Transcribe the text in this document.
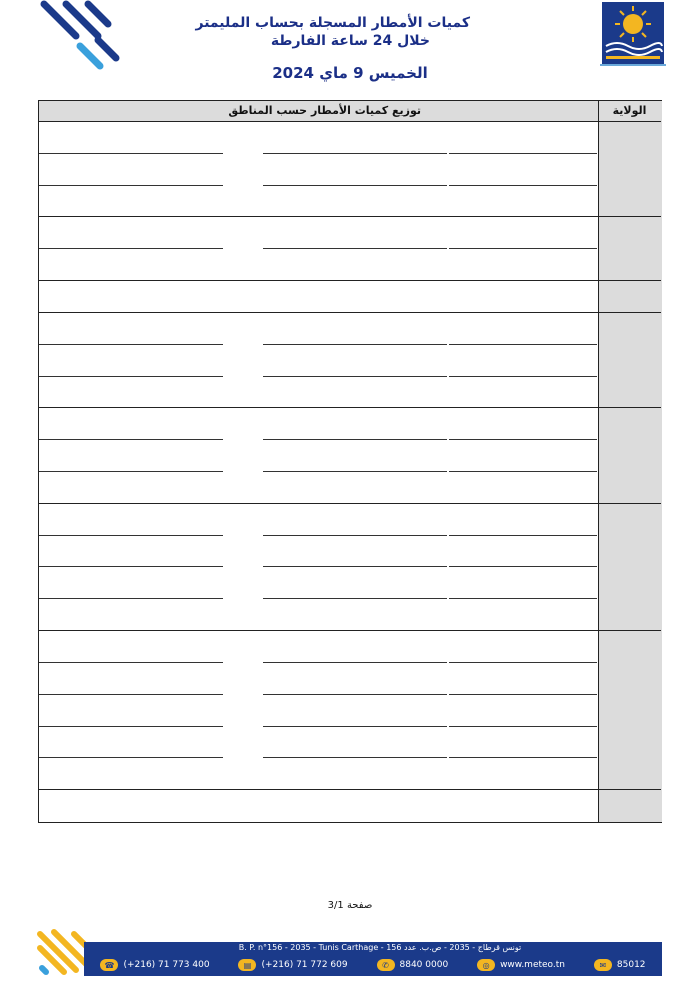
كميات الأمطار المسجلة بحساب المليمتر
خلال 24 ساعة الفارطة
الخميس 9 ماي 2024
توزيع كميات الأمطار حسب المناطق	الولاية
صفحة 3/1
B. P. n°156 - 2035 - Tunis Carthage - تونس قرطاج - 2035 - ص.ب. عدد 156
☎	(+216) 71 773 400	▤	(+216) 71 772 609	✆	8840 0000	◎	www.meteo.tn	✉	85012
